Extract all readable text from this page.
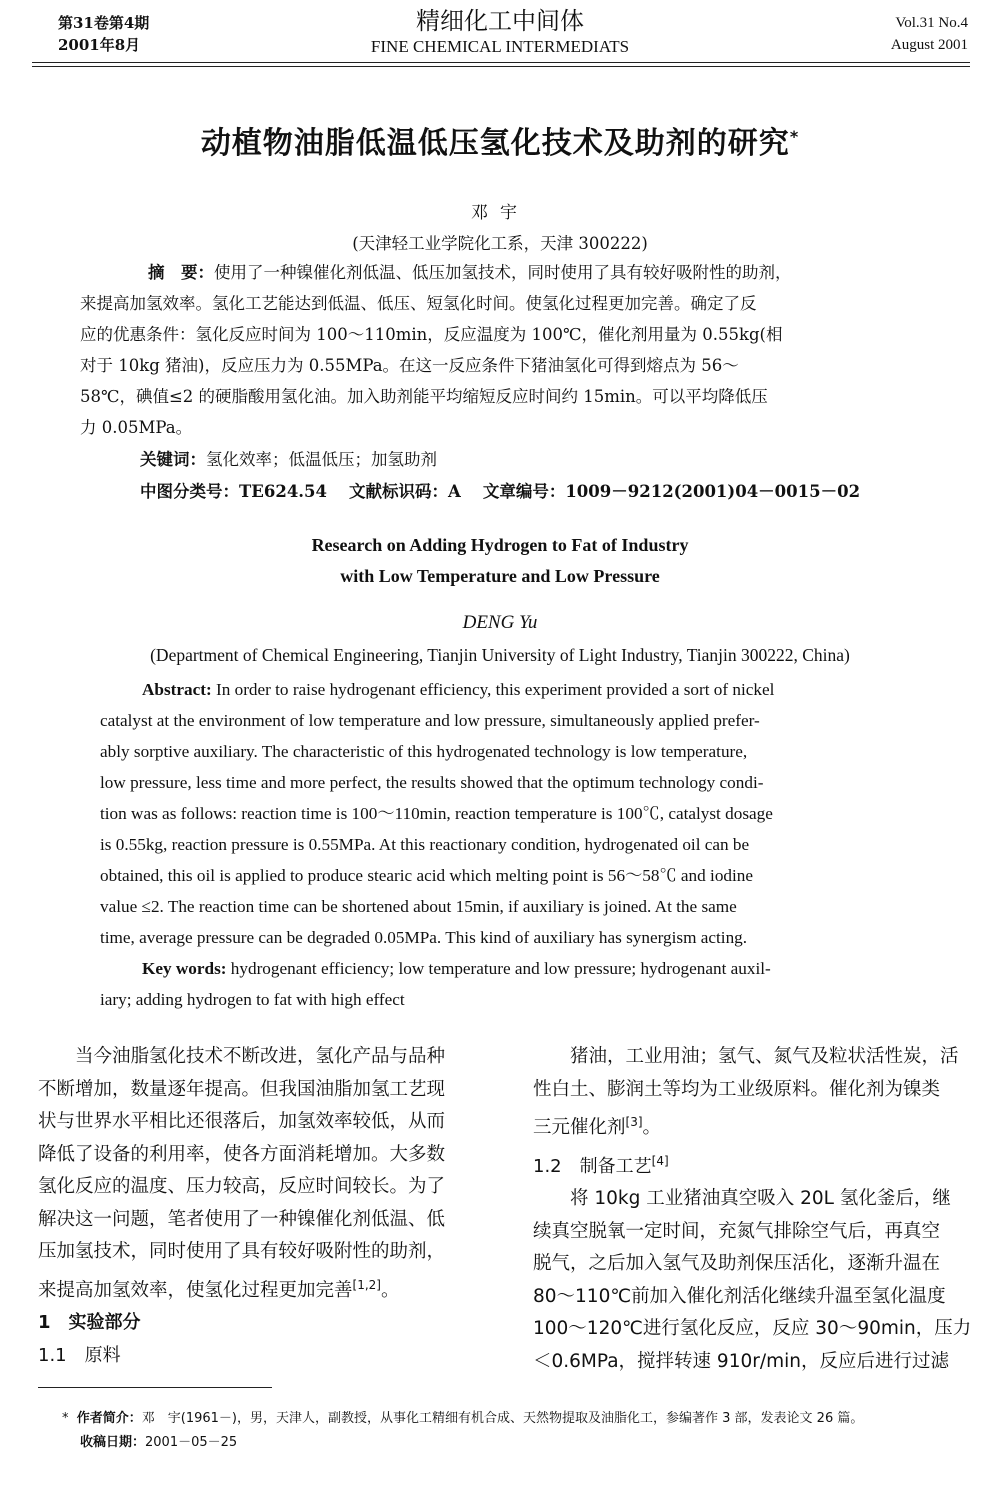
第31卷第4期
2001年8月
精细化工中间体
FINE CHEMICAL INTERMEDIATS
Vol.31 No.4
August 2001
动植物油脂低温低压氢化技术及助剂的研究*
邓宇
(天津轻工业学院化工系，天津 300222)
摘　要：使用了一种镍催化剂低温、低压加氢技术，同时使用了具有较好吸附性的助剂，
来提高加氢效率。氢化工艺能达到低温、低压、短氢化时间。使氢化过程更加完善。确定了反
应的优惠条件：氢化反应时间为 100～110min，反应温度为 100℃，催化剂用量为 0.55kg(相
对于 10kg 猪油)，反应压力为 0.55MPa。在这一反应条件下猪油氢化可得到熔点为 56～
58℃，碘值≤2 的硬脂酸用氢化油。加入助剂能平均缩短反应时间约 15min。可以平均降低压
力 0.05MPa。
关键词：氢化效率；低温低压；加氢助剂
中图分类号：TE624.54 文献标识码：A 文章编号：1009－9212(2001)04－0015－02
Research on Adding Hydrogen to Fat of Industry
with Low Temperature and Low Pressure
DENG Yu
(Department of Chemical Engineering, Tianjin University of Light Industry, Tianjin 300222, China)
Abstract: In order to raise hydrogenant efficiency, this experiment provided a sort of nickel
catalyst at the environment of low temperature and low pressure, simultaneously applied prefer-
ably sorptive auxiliary. The characteristic of this hydrogenated technology is low temperature,
low pressure, less time and more perfect, the results showed that the optimum technology condi-
tion was as follows: reaction time is 100～110min, reaction temperature is 100℃, catalyst dosage
is 0.55kg, reaction pressure is 0.55MPa. At this reactionary condition, hydrogenated oil can be
obtained, this oil is applied to produce stearic acid which melting point is 56～58℃ and iodine
value ≤2. The reaction time can be shortened about 15min, if auxiliary is joined. At the same
time, average pressure can be degraded 0.05MPa. This kind of auxiliary has synergism acting.
Key words: hydrogenant efficiency; low temperature and low pressure; hydrogenant auxil-
iary; adding hydrogen to fat with high effect

当今油脂氢化技术不断改进，氢化产品与品种

不断增加，数量逐年提高。但我国油脂加氢工艺现

状与世界水平相比还很落后，加氢效率较低，从而

降低了设备的利用率，使各方面消耗增加。大多数

氢化反应的温度、压力较高，反应时间较长。为了

解决这一问题，笔者使用了一种镍催化剂低温、低

压加氢技术，同时使用了具有较好吸附性的助剂，

来提高加氢效率，使氢化过程更加完善[1,2]。

1　实验部分

1.1　原料

猪油，工业用油；氢气、氮气及粒状活性炭，活

性白土、膨润土等均为工业级原料。催化剂为镍类

三元催化剂[3]。

1.2　制备工艺[4]

将 10kg 工业猪油真空吸入 20L 氢化釜后，继

续真空脱氧一定时间，充氮气排除空气后，再真空

脱气，之后加入氢气及助剂保压活化，逐渐升温在

80～110℃前加入催化剂活化继续升温至氢化温度

100～120℃进行氢化反应，反应 30～90min，压力

＜0.6MPa，搅拌转速 910r/min，反应后进行过滤

* 作者简介：邓　宇(1961－)，男，天津人，副教授，从事化工精细有机合成、天然物提取及油脂化工，参编著作 3 部，发表论文 26 篇。
收稿日期：2001－05－25
